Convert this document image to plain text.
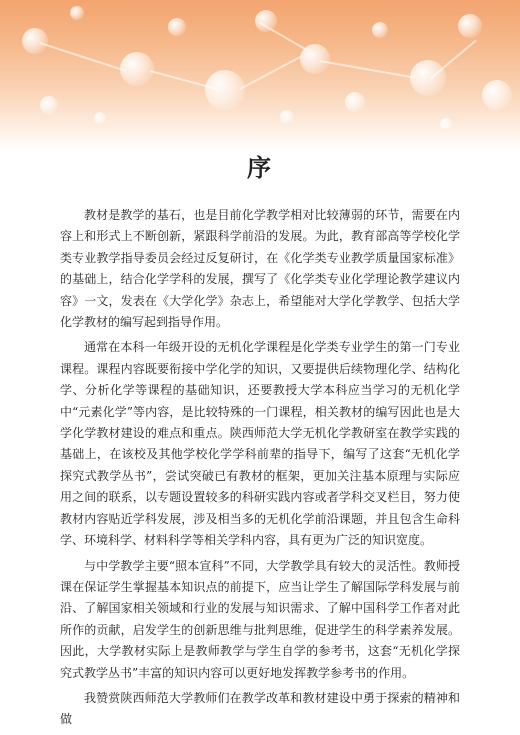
序

教材是教学的基石，也是目前化学教学相对比较薄弱的环节，需要在内容上和形式上不断创新，紧跟科学前沿的发展。为此，教育部高等学校化学类专业教学指导委员会经过反复研讨，在《化学类专业教学质量国家标准》的基础上，结合化学学科的发展，撰写了《化学类专业化学理论教学建议内容》一文，发表在《大学化学》杂志上，希望能对大学化学教学、包括大学化学教材的编写起到指导作用。

通常在本科一年级开设的无机化学课程是化学类专业学生的第一门专业课程。课程内容既要衔接中学化学的知识，又要提供后续物理化学、结构化学、分析化学等课程的基础知识，还要教授大学本科应当学习的无机化学中“元素化学”等内容，是比较特殊的一门课程，相关教材的编写因此也是大学化学教材建设的难点和重点。陕西师范大学无机化学教研室在教学实践的基础上，在该校及其他学校化学学科前辈的指导下，编写了这套“无机化学探究式教学丛书”，尝试突破已有教材的框架，更加关注基本原理与实际应用之间的联系，以专题设置较多的科研实践内容或者学科交叉栏目，努力使教材内容贴近学科发展，涉及相当多的无机化学前沿课题，并且包含生命科学、环境科学、材料科学等相关学科内容，具有更为广泛的知识宽度。

与中学教学主要“照本宣科”不同，大学教学具有较大的灵活性。教师授课在保证学生掌握基本知识点的前提下，应当让学生了解国际学科发展与前沿、了解国家相关领域和行业的发展与知识需求、了解中国科学工作者对此所作的贡献，启发学生的创新思维与批判思维，促进学生的科学素养发展。因此，大学教材实际上是教师教学与学生自学的参考书，这套“无机化学探究式教学丛书”丰富的知识内容可以更好地发挥教学参考书的作用。

我赞赏陕西师范大学教师们在教学改革和教材建设中勇于探索的精神和做
